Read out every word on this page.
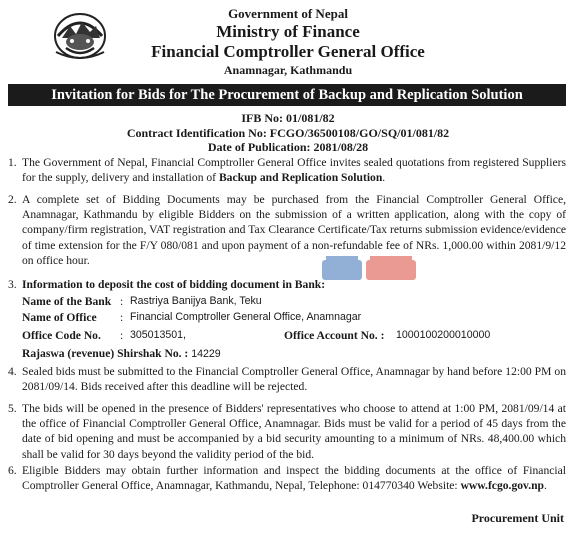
Government of Nepal
Ministry of Finance
Financial Comptroller General Office
Anamnagar, Kathmandu
Invitation for Bids for The Procurement of Backup and Replication Solution
IFB No: 01/081/82
Contract Identification No: FCGO/36500108/GO/SQ/01/081/82
Date of Publication: 2081/08/28
1. The Government of Nepal, Financial Comptroller General Office invites sealed quotations from registered Suppliers for the supply, delivery and installation of Backup and Replication Solution.
2. A complete set of Bidding Documents may be purchased from the Financial Comptroller General Office, Anamnagar, Kathmandu by eligible Bidders on the submission of a written application, along with the copy of company/firm registration, VAT registration and Tax Clearance Certificate/Tax returns submission evidence/evidence of time extension for the F/Y 080/081 and upon payment of a non-refundable fee of NRs. 1,000.00 within 2081/9/12 on office hour.
3. Information to deposit the cost of bidding document in Bank:
Name of the Bank : Rastriya Banijya Bank, Teku
Name of Office : Financial Comptroller General Office, Anamnagar
Office Code No. : 305013501,	Office Account No. : 1000100200010000
Rajaswa (revenue) Shirshak No. : 14229
4. Sealed bids must be submitted to the Financial Comptroller General Office, Anamnagar by hand before 12:00 PM on 2081/09/14. Bids received after this deadline will be rejected.
5. The bids will be opened in the presence of Bidders' representatives who choose to attend at 1:00 PM, 2081/09/14 at the office of Financial Comptroller General Office, Anamnagar. Bids must be valid for a period of 45 days from the date of bid opening and must be accompanied by a bid security amounting to a minimum of NRs. 48,400.00 which shall be valid for 30 days beyond the validity period of the bid.
6. Eligible Bidders may obtain further information and inspect the bidding documents at the office of Financial Comptroller General Office, Anamnagar, Kathmandu, Nepal, Telephone: 014770340 Website: www.fcgo.gov.np.
Procurement Unit
